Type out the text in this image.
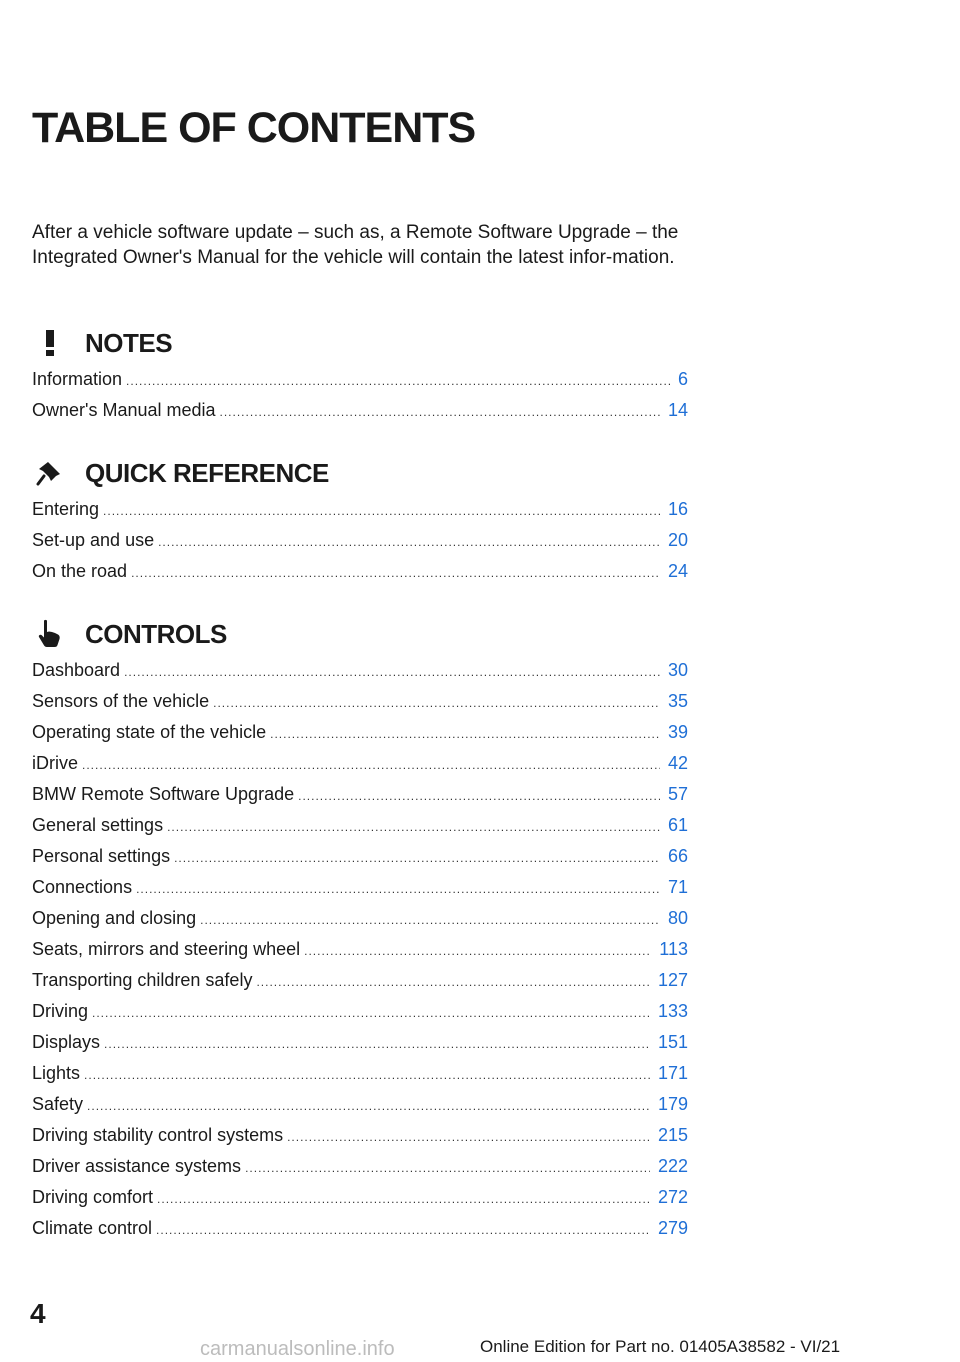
TABLE OF CONTENTS

After a vehicle software update – such as, a Remote Software Upgrade – the Integrated Owner's Manual for the vehicle will contain the latest infor-mation.

NOTES
Information .....	6
Owner's Manual media .....	14
QUICK REFERENCE
Entering .....	16
Set-up and use .....	20
On the road .....	24
CONTROLS
Dashboard .....	30
Sensors of the vehicle .....	35
Operating state of the vehicle .....	39
iDrive .....	42
BMW Remote Software Upgrade .....	57
General settings .....	61
Personal settings .....	66
Connections .....	71
Opening and closing .....	80
Seats, mirrors and steering wheel .....	113
Transporting children safely .....	127
Driving .....	133
Displays .....	151
Lights .....	171
Safety .....	179
Driving stability control systems .....	215
Driver assistance systems .....	222
Driving comfort .....	272
Climate control .....	279

4

carmanualsonline.info	Online Edition for Part no. 01405A38582 - VI/21
